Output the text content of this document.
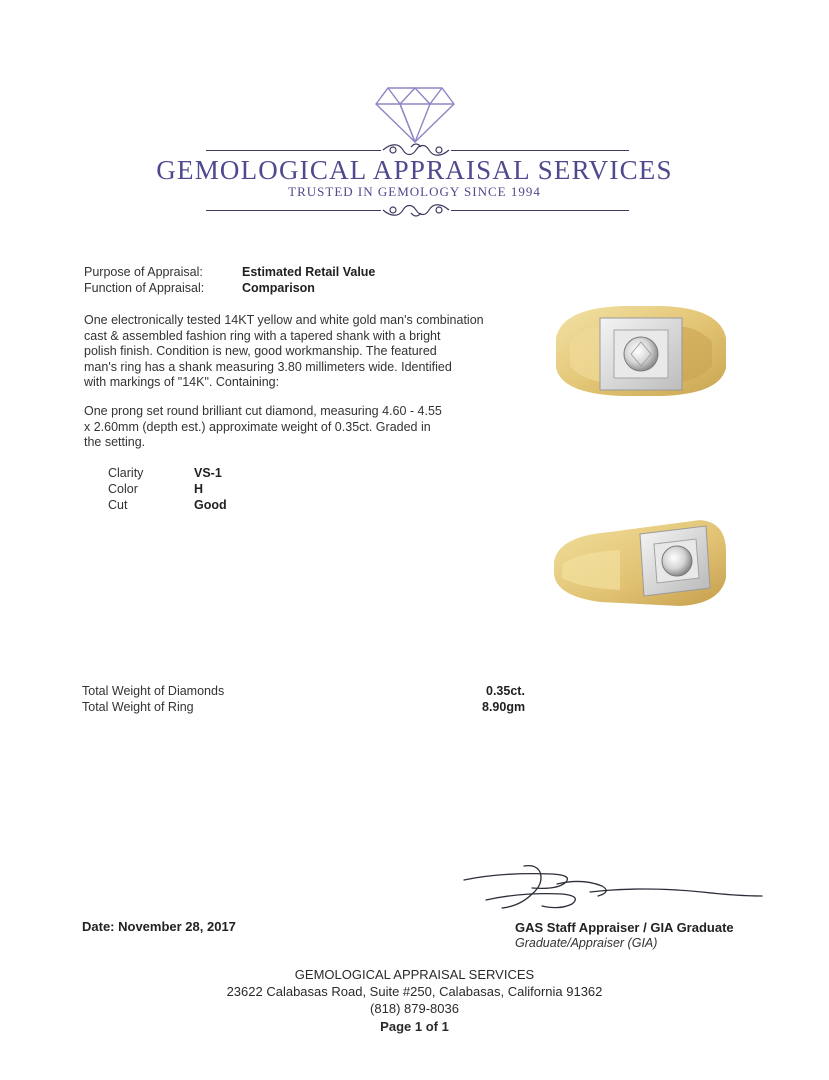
GEMOLOGICAL APPRAISAL SERVICES
TRUSTED IN GEMOLOGY SINCE 1994
Purpose of Appraisal:	Estimated Retail Value
Function of Appraisal:	Comparison
One electronically tested 14KT yellow and white gold man's combination
cast & assembled fashion ring with a tapered shank with a bright
polish finish. Condition is new, good workmanship. The featured
man's ring has a shank measuring 3.80 millimeters wide. Identified
with markings of "14K". Containing:
One prong set round brilliant cut diamond, measuring 4.60 - 4.55
x 2.60mm (depth est.) approximate weight of 0.35ct. Graded in
the setting.
Clarity	VS-1
Color	H
Cut	Good
Total Weight of Diamonds	0.35ct.
Total Weight of Ring	8.90gm
Date: November 28, 2017	GAS Staff Appraiser / GIA Graduate
Graduate/Appraiser (GIA)
GEMOLOGICAL APPRAISAL SERVICES
23622 Calabasas Road, Suite #250, Calabasas, California 91362
(818) 879-8036
Page 1 of 1
